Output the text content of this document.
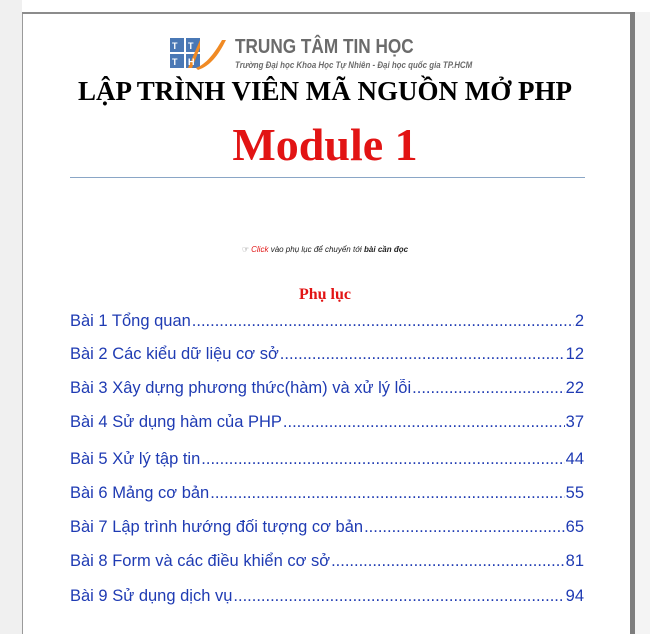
T T
T H
TRUNG TÂM TIN HỌC
Trường Đại học Khoa Học Tự Nhiên - Đại học quốc gia TP.HCM
LẬP TRÌNH VIÊN MÃ NGUỒN MỞ PHP
Module 1
☞ Click vào phụ lục để chuyển tới bài cần đọc
Phụ lục
Bài 1 Tổng quan .....	2
Bài 2 Các kiểu dữ liệu cơ sở .....	12
Bài 3 Xây dựng phương thức(hàm) và xử lý lỗi .....	22
Bài 4 Sử dụng hàm của PHP .....	37
Bài 5 Xử lý tập tin .....	44
Bài 6 Mảng cơ bản .....	55
Bài 7 Lập trình hướng đối tượng cơ bản .....	65
Bài 8 Form và các điều khiển cơ sở .....	81
Bài 9 Sử dụng dịch vụ .....	94
